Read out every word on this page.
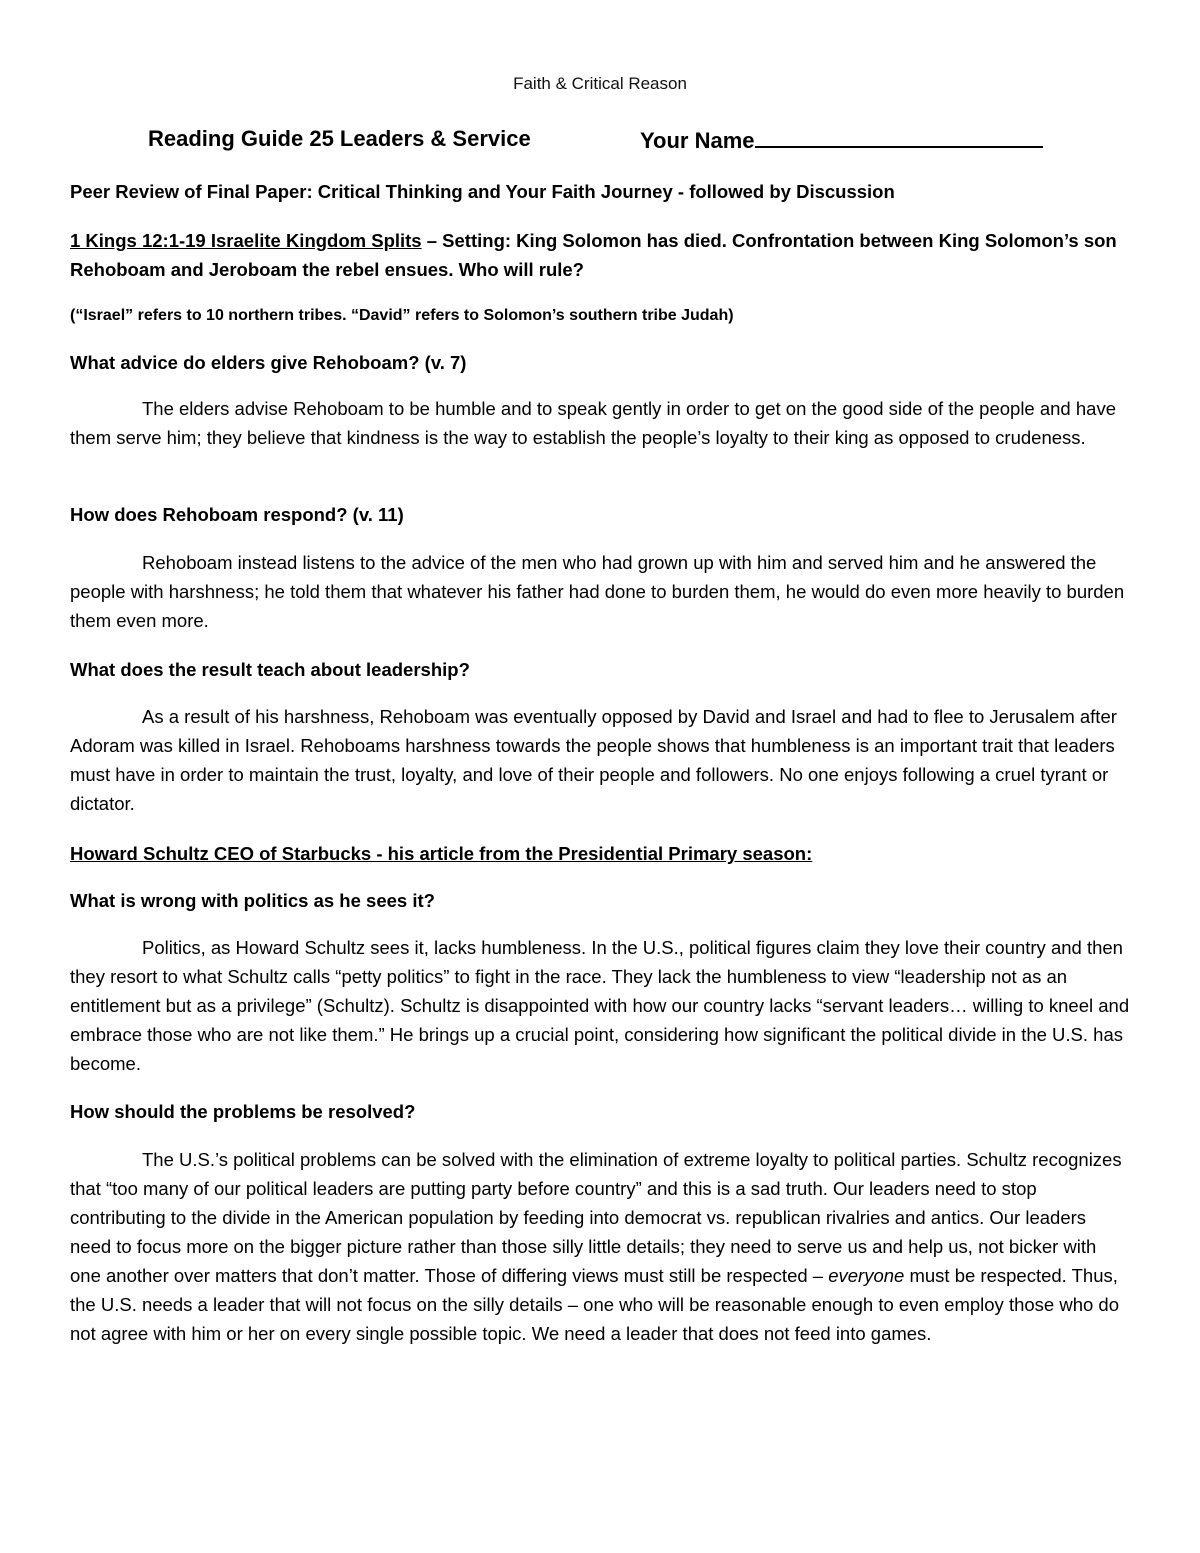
Faith & Critical Reason
Reading Guide 25 Leaders & Service	Your Name

Peer Review of Final Paper: Critical Thinking and Your Faith Journey - followed by Discussion

1 Kings 12:1-19 Israelite Kingdom Splits – Setting: King Solomon has died. Confrontation between King Solomon’s son Rehoboam and Jeroboam the rebel ensues. Who will rule?

(“Israel” refers to 10 northern tribes. “David” refers to Solomon’s southern tribe Judah)

What advice do elders give Rehoboam? (v. 7)

The elders advise Rehoboam to be humble and to speak gently in order to get on the good side of the people and have them serve him; they believe that kindness is the way to establish the people’s loyalty to their king as opposed to crudeness.

How does Rehoboam respond? (v. 11)

Rehoboam instead listens to the advice of the men who had grown up with him and served him and he answered the people with harshness; he told them that whatever his father had done to burden them, he would do even more heavily to burden them even more.

What does the result teach about leadership?

As a result of his harshness, Rehoboam was eventually opposed by David and Israel and had to flee to Jerusalem after Adoram was killed in Israel. Rehoboams harshness towards the people shows that humbleness is an important trait that leaders must have in order to maintain the trust, loyalty, and love of their people and followers. No one enjoys following a cruel tyrant or dictator.

Howard Schultz CEO of Starbucks - his article from the Presidential Primary season:

What is wrong with politics as he sees it?

Politics, as Howard Schultz sees it, lacks humbleness. In the U.S., political figures claim they love their country and then they resort to what Schultz calls “petty politics” to fight in the race. They lack the humbleness to view “leadership not as an entitlement but as a privilege” (Schultz). Schultz is disappointed with how our country lacks “servant leaders… willing to kneel and embrace those who are not like them.” He brings up a crucial point, considering how significant the political divide in the U.S. has become.

How should the problems be resolved?

The U.S.’s political problems can be solved with the elimination of extreme loyalty to political parties. Schultz recognizes that “too many of our political leaders are putting party before country” and this is a sad truth. Our leaders need to stop contributing to the divide in the American population by feeding into democrat vs. republican rivalries and antics. Our leaders need to focus more on the bigger picture rather than those silly little details; they need to serve us and help us, not bicker with one another over matters that don’t matter. Those of differing views must still be respected – everyone must be respected. Thus, the U.S. needs a leader that will not focus on the silly details – one who will be reasonable enough to even employ those who do not agree with him or her on every single possible topic. We need a leader that does not feed into games.
